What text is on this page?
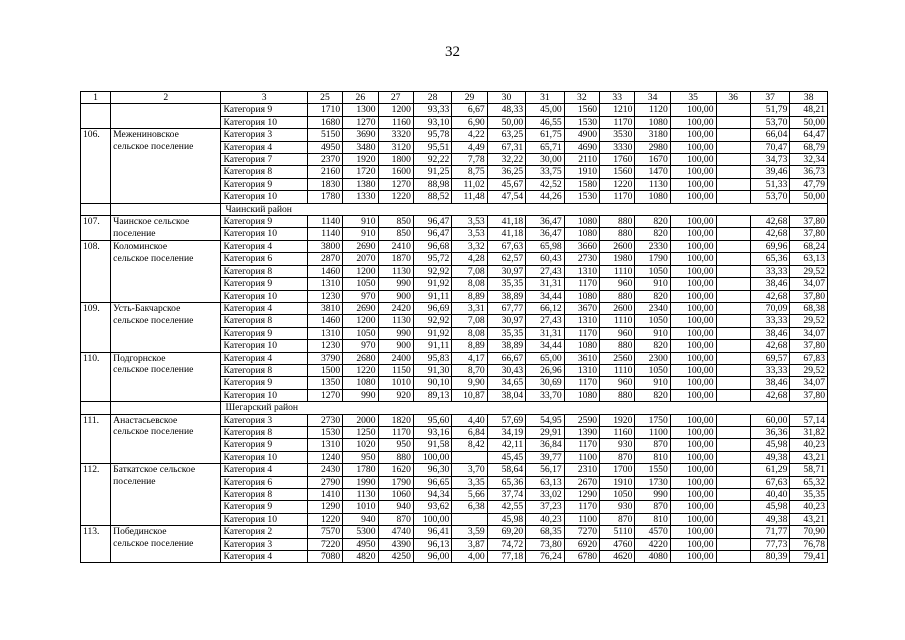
32
1	2	3	25	26	27	28	29	30	31	32	33	34	35	36	37	38
		Категория 9	1710	1300	1200	93,33	6,67	48,33	45,00	1560	1210	1120	100,00		51,79	48,21
		Категория 10	1680	1270	1160	93,10	6,90	50,00	46,55	1530	1170	1080	100,00		53,70	50,00
106.	Межениновское	Категория 3	5150	3690	3320	95,78	4,22	63,25	61,75	4900	3530	3180	100,00		66,04	64,47
	сельское поселение	Категория 4	4950	3480	3120	95,51	4,49	67,31	65,71	4690	3330	2980	100,00		70,47	68,79
		Категория 7	2370	1920	1800	92,22	7,78	32,22	30,00	2110	1760	1670	100,00		34,73	32,34
		Категория 8	2160	1720	1600	91,25	8,75	36,25	33,75	1910	1560	1470	100,00		39,46	36,73
		Категория 9	1830	1380	1270	88,98	11,02	45,67	42,52	1580	1220	1130	100,00		51,33	47,79
		Категория 10	1780	1330	1220	88,52	11,48	47,54	44,26	1530	1170	1080	100,00		53,70	50,00
		Чаинский район														
107.	Чаинское сельское	Категория 9	1140	910	850	96,47	3,53	41,18	36,47	1080	880	820	100,00		42,68	37,80
	поселение	Категория 10	1140	910	850	96,47	3,53	41,18	36,47	1080	880	820	100,00		42,68	37,80
108.	Коломинское	Категория 4	3800	2690	2410	96,68	3,32	67,63	65,98	3660	2600	2330	100,00		69,96	68,24
	сельское поселение	Категория 6	2870	2070	1870	95,72	4,28	62,57	60,43	2730	1980	1790	100,00		65,36	63,13
		Категория 8	1460	1200	1130	92,92	7,08	30,97	27,43	1310	1110	1050	100,00		33,33	29,52
		Категория 9	1310	1050	990	91,92	8,08	35,35	31,31	1170	960	910	100,00		38,46	34,07
		Категория 10	1230	970	900	91,11	8,89	38,89	34,44	1080	880	820	100,00		42,68	37,80
109.	Усть-Бакчарское	Категория 4	3810	2690	2420	96,69	3,31	67,77	66,12	3670	2600	2340	100,00		70,09	68,38
	сельское поселение	Категория 8	1460	1200	1130	92,92	7,08	30,97	27,43	1310	1110	1050	100,00		33,33	29,52
		Категория 9	1310	1050	990	91,92	8,08	35,35	31,31	1170	960	910	100,00		38,46	34,07
		Категория 10	1230	970	900	91,11	8,89	38,89	34,44	1080	880	820	100,00		42,68	37,80
110.	Подгорнское	Категория 4	3790	2680	2400	95,83	4,17	66,67	65,00	3610	2560	2300	100,00		69,57	67,83
	сельское поселение	Категория 8	1500	1220	1150	91,30	8,70	30,43	26,96	1310	1110	1050	100,00		33,33	29,52
		Категория 9	1350	1080	1010	90,10	9,90	34,65	30,69	1170	960	910	100,00		38,46	34,07
		Категория 10	1270	990	920	89,13	10,87	38,04	33,70	1080	880	820	100,00		42,68	37,80
		Шегарский район														
111.	Анастасьевское	Категория 3	2730	2000	1820	95,60	4,40	57,69	54,95	2590	1920	1750	100,00		60,00	57,14
	сельское поселение	Категория 8	1530	1250	1170	93,16	6,84	34,19	29,91	1390	1160	1100	100,00		36,36	31,82
		Категория 9	1310	1020	950	91,58	8,42	42,11	36,84	1170	930	870	100,00		45,98	40,23
		Категория 10	1240	950	880	100,00		45,45	39,77	1100	870	810	100,00		49,38	43,21
112.	Баткатское сельское	Категория 4	2430	1780	1620	96,30	3,70	58,64	56,17	2310	1700	1550	100,00		61,29	58,71
	поселение	Категория 6	2790	1990	1790	96,65	3,35	65,36	63,13	2670	1910	1730	100,00		67,63	65,32
		Категория 8	1410	1130	1060	94,34	5,66	37,74	33,02	1290	1050	990	100,00		40,40	35,35
		Категория 9	1290	1010	940	93,62	6,38	42,55	37,23	1170	930	870	100,00		45,98	40,23
		Категория 10	1220	940	870	100,00		45,98	40,23	1100	870	810	100,00		49,38	43,21
113.	Побединское	Категория 2	7570	5300	4740	96,41	3,59	69,20	68,35	7270	5110	4570	100,00		71,77	70,90
	сельское поселение	Категория 3	7220	4950	4390	96,13	3,87	74,72	73,80	6920	4760	4220	100,00		77,73	76,78
		Категория 4	7080	4820	4250	96,00	4,00	77,18	76,24	6780	4620	4080	100,00		80,39	79,41
